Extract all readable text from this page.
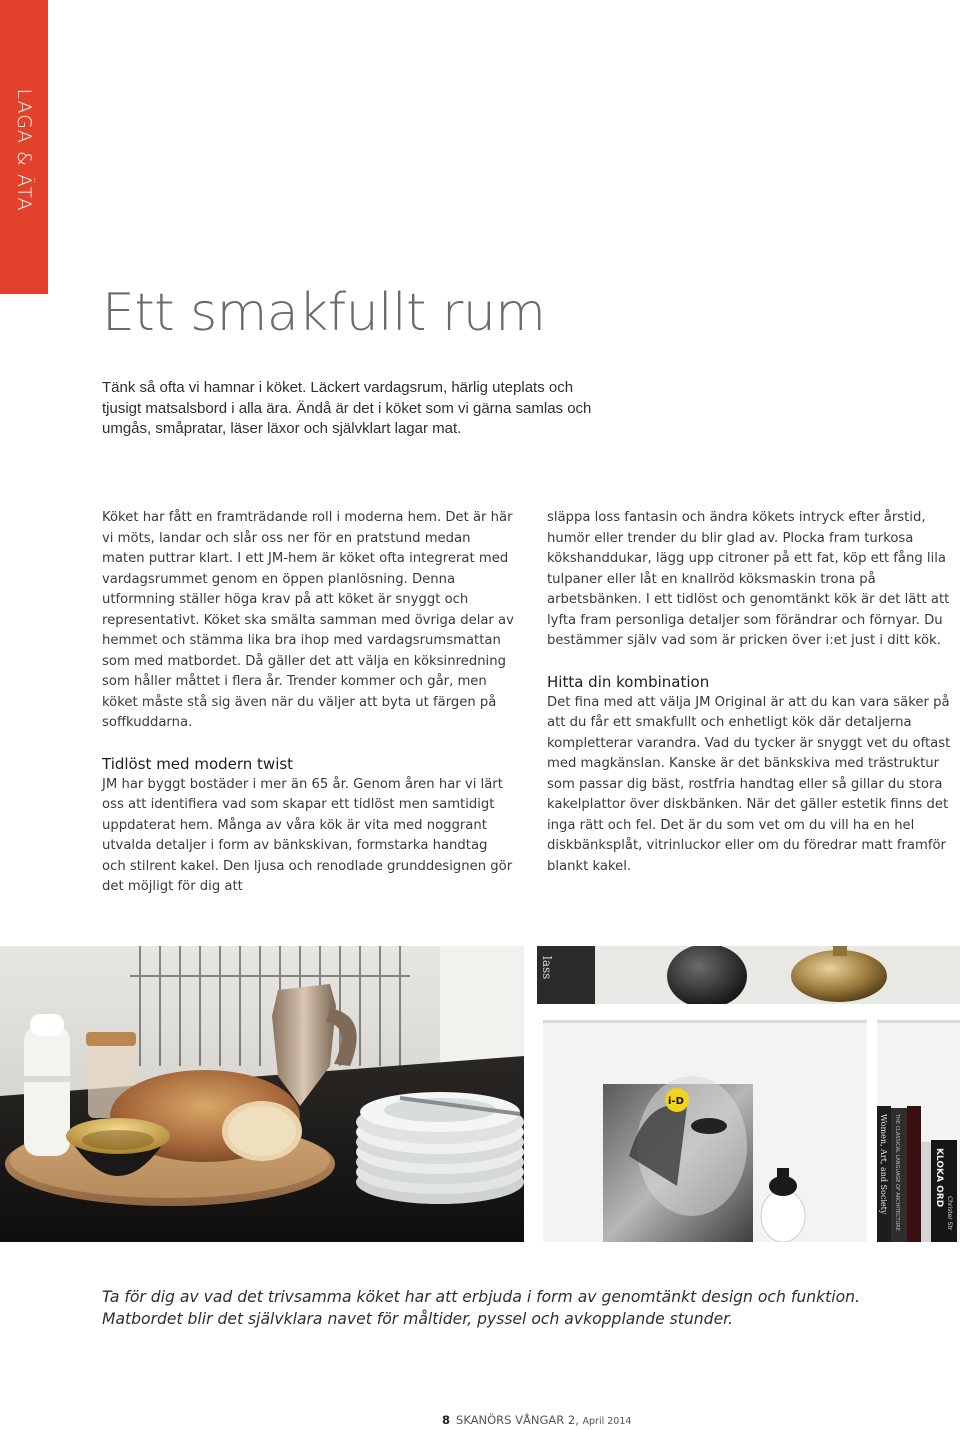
LAGA & ÄTA
Ett smakfullt rum

Tänk så ofta vi hamnar i köket. Läckert vardagsrum, härlig uteplats och tjusigt matsalsbord i alla ära. Ändå är det i köket som vi gärna samlas och umgås, småpratar, läser läxor och självklart lagar mat.

Köket har fått en framträdande roll i moderna hem. Det är här vi möts, landar och slår oss ner för en pratstund medan maten puttrar klart. I ett JM-hem är köket ofta integrerat med vardagsrummet genom en öppen planlösning. Denna utformning ställer höga krav på att köket är snyggt och representativt. Köket ska smälta samman med övriga delar av hemmet och stämma lika bra ihop med vardagsrumsmattan som med matbordet. Då gäller det att välja en köksinredning som håller måttet i flera år. Trender kommer och går, men köket måste stå sig även när du väljer att byta ut färgen på soffkuddarna.

Tidlöst med modern twist

JM har byggt bostäder i mer än 65 år. Genom åren har vi lärt oss att identifiera vad som skapar ett tidlöst men samtidigt uppdaterat hem. Många av våra kök är vita med noggrant utvalda detaljer i form av bänkskivan, formstarka handtag och stilrent kakel. Den ljusa och renodlade grunddesignen gör det möjligt för dig att

släppa loss fantasin och ändra kökets intryck efter årstid, humör eller trender du blir glad av. Plocka fram turkosa kökshanddukar, lägg upp citroner på ett fat, köp ett fång lila tulpaner eller låt en knallröd köksmaskin trona på arbetsbänken. I ett tidlöst och genomtänkt kök är det lätt att lyfta fram personliga detaljer som förändrar och förnyar. Du bestämmer själv vad som är pricken över i:et just i ditt kök.

Hitta din kombination

Det fina med att välja JM Original är att du kan vara säker på att du får ett smakfullt och enhetligt kök där detaljerna kompletterar varandra. Vad du tycker är snyggt vet du oftast med magkänslan. Kanske är det bänkskiva med trästruktur som passar dig bäst, rostfria handtag eller så gillar du stora kakelplattor över diskbänken. När det gäller estetik finns det inga rätt och fel. Det är du som vet om du vill ha en hel diskbänksplåt, vitrinluckor eller om du föredrar matt framför blankt kakel.

lass
i-D
Women, Art, and Society THE CLASSICAL LANGUAGE OF ARCHITECTURE	KLOKA ORD
Christer Str

Ta för dig av vad det trivsamma köket har att erbjuda i form av genomtänkt design och funktion. Matbordet blir det självklara navet för måltider, pyssel och avkopplande stunder.

8 SKANÖRS VÅNGAR 2, April 2014
